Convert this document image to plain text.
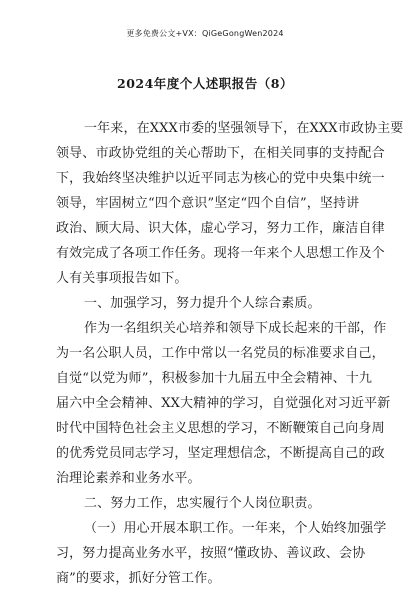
更多免费公文+VX：QiGeGongWen2024
2024年度个人述职报告（8）

一年来，在XXX市委的坚强领导下，在XXX市政协主要

领导、市政协党组的关心帮助下，在相关同事的支持配合

下，我始终坚决维护以近平同志为核心的党中央集中统一

领导，牢固树立“四个意识”坚定“四个自信”，坚持讲

政治、顾大局、识大体，虚心学习，努力工作，廉洁自律

有效完成了各项工作任务。现将一年来个人思想工作及个

人有关事项报告如下。

一、加强学习，努力提升个人综合素质。

作为一名组织关心培养和领导下成长起来的干部，作

为一名公职人员，工作中常以一名党员的标准要求自己，

自觉“以党为师”，积极参加十九届五中全会精神、十九

届六中全会精神、XX大精神的学习，自觉强化对习近平新

时代中国特色社会主义思想的学习，不断鞭策自己向身周

的优秀党员同志学习，坚定理想信念，不断提高自己的政

治理论素养和业务水平。

二、努力工作，忠实履行个人岗位职责。

（一）用心开展本职工作。一年来，个人始终加强学

习，努力提高业务水平，按照“懂政协、善议政、会协

商”的要求，抓好分管工作。
